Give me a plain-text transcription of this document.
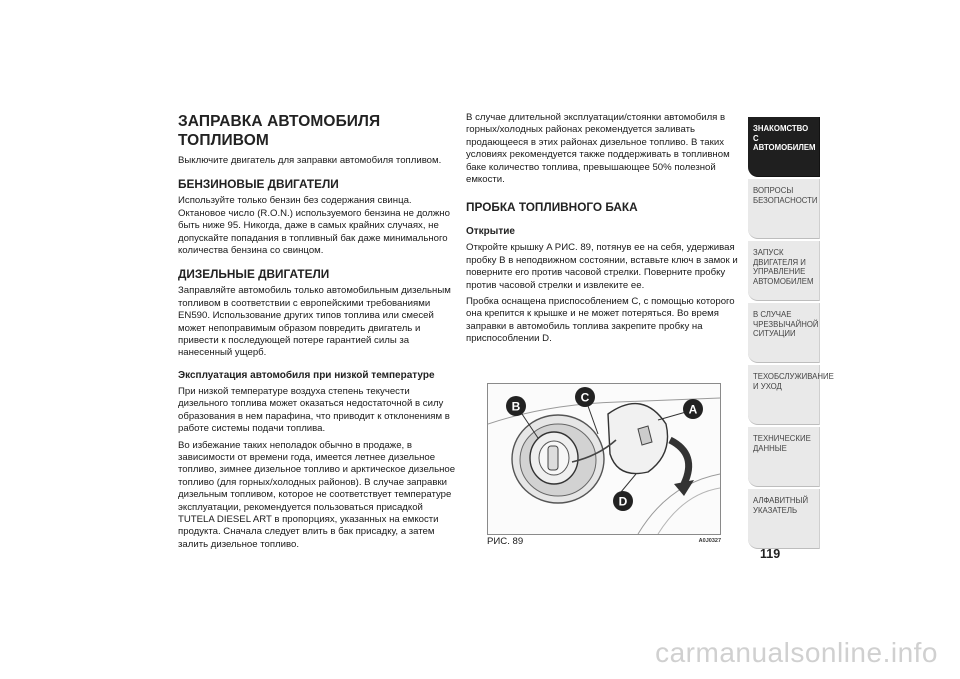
ЗАПРАВКА АВТОМОБИЛЯ ТОПЛИВОМ

Выключите двигатель для заправки автомобиля топливом.

БЕНЗИНОВЫЕ ДВИГАТЕЛИ

Используйте только бензин без содержания свинца. Октановое число (R.O.N.) используемого бензина не должно быть ниже 95. Никогда, даже в самых крайних случаях, не допускайте попадания в топливный бак даже минимального количества бензина со свинцом.

ДИЗЕЛЬНЫЕ ДВИГАТЕЛИ

Заправляйте автомобиль только автомобильным дизельным топливом в соответствии с европейскими требованиями EN590. Использование других типов топлива или смесей может непоправимым образом повредить двигатель и привести к последующей потере гарантией силы за нанесенный ущерб.

Эксплуатация автомобиля при низкой температуре

При низкой температуре воздуха степень текучести дизельного топлива может оказаться недостаточной в силу образования в нем парафина, что приводит к отклонениям в работе системы подачи топлива.

Во избежание таких неполадок обычно в продаже, в зависимости от времени года, имеется летнее дизельное топливо, зимнее дизельное топливо и арктическое дизельное топливо (для горных/холодных районов). В случае заправки дизельным топливом, которое не соответствует температуре эксплуатации, рекомендуется пользоваться присадкой TUTELA DIESEL ART в пропорциях, указанных на емкости продукта. Сначала следует влить в бак присадку, а затем залить дизельное топливо.

В случае длительной эксплуатации/стоянки автомобиля в горных/холодных районах рекомендуется заливать продающееся в этих районах дизельное топливо. В таких условиях рекомендуется также поддерживать в топливном баке количество топлива, превышающее 50% полезной емкости.

ПРОБКА ТОПЛИВНОГО БАКА
Открытие

Откройте крышку A РИС. 89, потянув ее на себя, удерживая пробку B в неподвижном состоянии, вставьте ключ в замок и поверните его против часовой стрелки. Поверните пробку против часовой стрелки и извлеките ее.

Пробка оснащена приспособлением C, с помощью которого она крепится к крышке и не может потеряться. Во время заправки в автомобиль топлива закрепите пробку на приспособлении D.

B
C
A
D
РИС. 89	A0J0327
ЗНАКОМСТВО С АВТОМОБИЛЕМ
ВОПРОСЫ БЕЗОПАСНОСТИ
ЗАПУСК ДВИГАТЕЛЯ И УПРАВЛЕНИЕ АВТОМОБИЛЕМ
В СЛУЧАЕ ЧРЕЗВЫЧАЙНОЙ СИТУАЦИИ
ТЕХОБСЛУЖИВАНИЕ И УХОД
ТЕХНИЧЕСКИЕ ДАННЫЕ
АЛФАВИТНЫЙ УКАЗАТЕЛЬ
119
carmanualsonline.info
